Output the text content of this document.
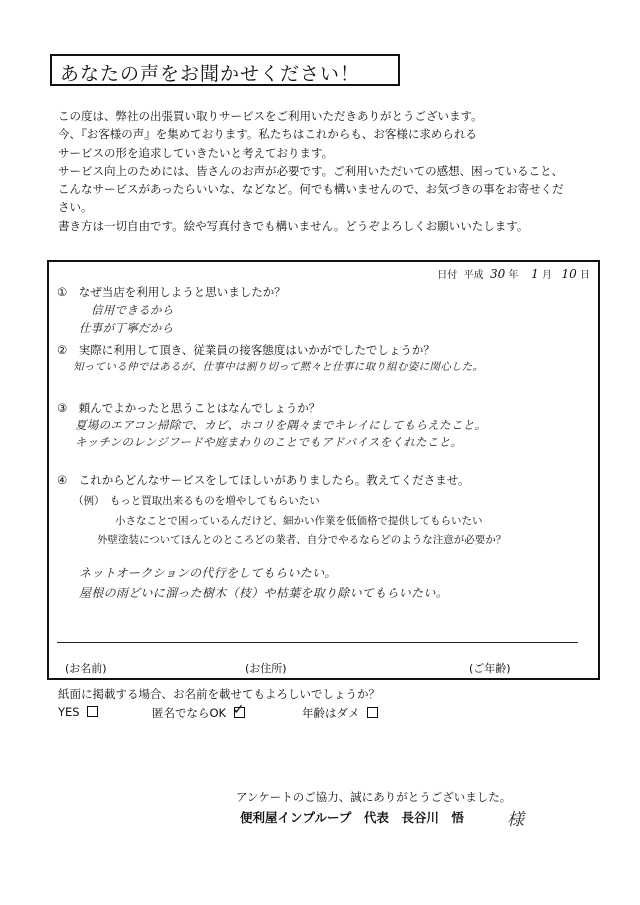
あなたの声をお聞かせください！
この度は、弊社の出張買い取りサービスをご利用いただきありがとうございます。
今、『お客様の声』を集めております。私たちはこれからも、お客様に求められる
サービスの形を追求していきたいと考えております。
サービス向上のためには、皆さんのお声が必要です。ご利用いただいての感想、困っていること、
こんなサービスがあったらいいな、などなど。何でも構いませんので、お気づきの事をお寄せくだ
さい。
書き方は一切自由です。絵や写真付きでも構いません。どうぞよろしくお願いいたします。
日付 平成 30 年 1 月 10 日
①　なぜ当店を利用しようと思いましたか？
信用できるから
仕事が丁寧だから
②　実際に利用して頂き、従業員の接客態度はいかがでしたでしょうか？
知っている仲ではあるが、仕事中は割り切って黙々と仕事に取り組む姿に関心した。
③　頼んでよかったと思うことはなんでしょうか？
夏場のエアコン掃除で、カビ、ホコリを隅々までキレイにしてもらえたこと。
キッチンのレンジフードや庭まわりのことでもアドバイスをくれたこと。
④　これからどんなサービスをしてほしいがありましたら。教えてくださませ。
（例）　もっと買取出来るものを増やしてもらいたい
小さなことで困っているんだけど、細かい作業を低価格で提供してもらいたい
外壁塗装についてほんとのところどの業者、自分でやるならどのような注意が必要か？
ネットオークションの代行をしてもらいたい。
屋根の雨どいに溜った樹木（枝）や枯葉を取り除いてもらいたい。
(お名前)	(お住所)	(ご年齢)
紙面に掲載する場合、お名前を載せてもよろしいでしょうか？
YES	匿名でならOK ✓	年齢はダメ
アンケートのご協力、誠にありがとうございました。
便利屋インプループ　代表　長谷川　悟	様
